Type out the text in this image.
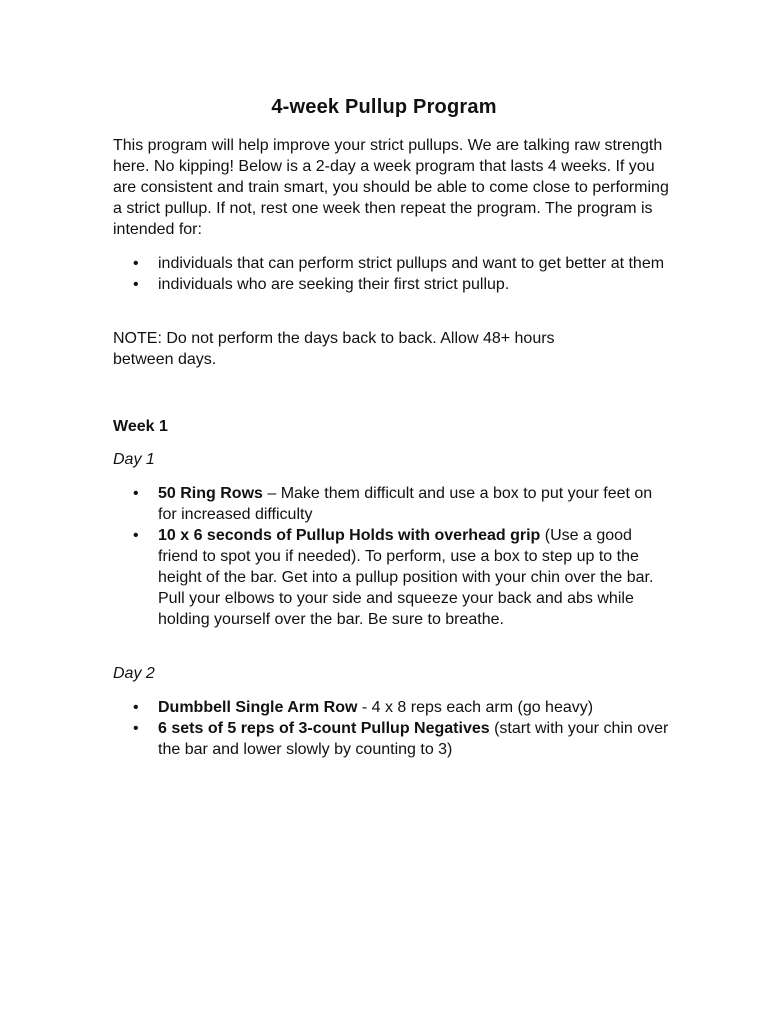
4-week Pullup Program

This program will help improve your strict pullups. We are talking raw strength here. No kipping! Below is a 2-day a week program that lasts 4 weeks. If you are consistent and train smart, you should be able to come close to performing a strict pullup. If not, rest one week then repeat the program. The program is intended for:

• individuals that can perform strict pullups and want to get better at them
• individuals who are seeking their first strict pullup.

NOTE: Do not perform the days back to back. Allow 48+ hours between days.

Week 1
Day 1
• 50 Ring Rows – Make them difficult and use a box to put your feet on for increased difficulty
• 10 x 6 seconds of Pullup Holds with overhead grip (Use a good friend to spot you if needed). To perform, use a box to step up to the height of the bar. Get into a pullup position with your chin over the bar. Pull your elbows to your side and squeeze your back and abs while holding yourself over the bar. Be sure to breathe.
Day 2
• Dumbbell Single Arm Row - 4 x 8 reps each arm (go heavy)
• 6 sets of 5 reps of 3-count Pullup Negatives (start with your chin over the bar and lower slowly by counting to 3)
